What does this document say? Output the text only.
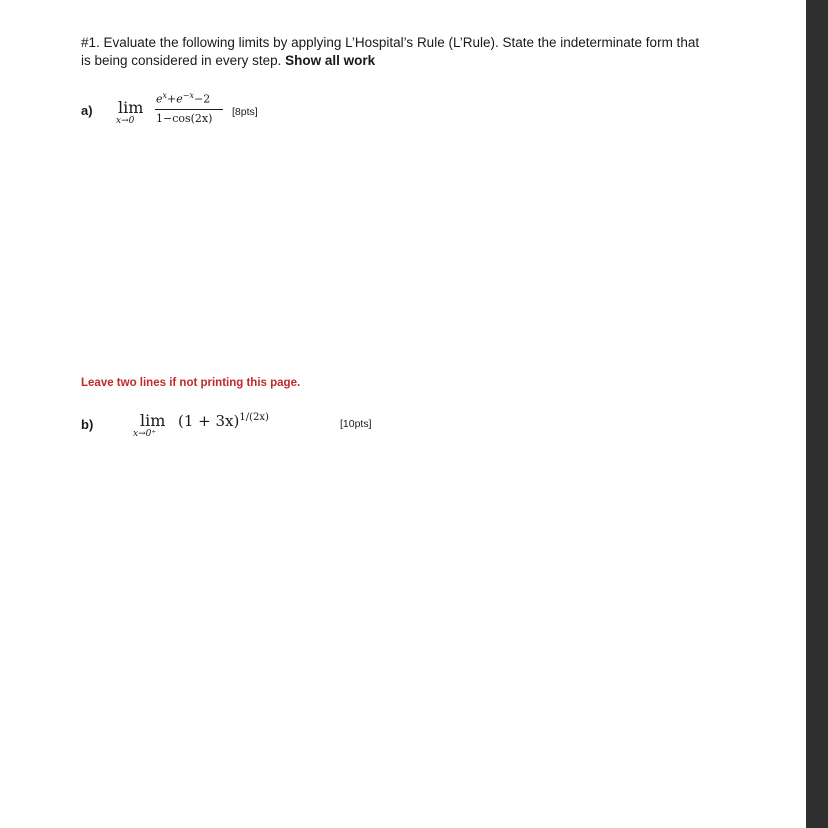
#1. Evaluate the following limits by applying L’Hospital’s Rule (L’Rule). State the indeterminate form that
is being considered in every step. Show all work
a) lim
x→0
$e^x+e^{-x}-2$
1−cos(2x) [8pts]
Leave two lines if not printing this page.
b)	lim
x→0⁺
$(1 + 3x)^{1/(2x)}$
[10pts]
